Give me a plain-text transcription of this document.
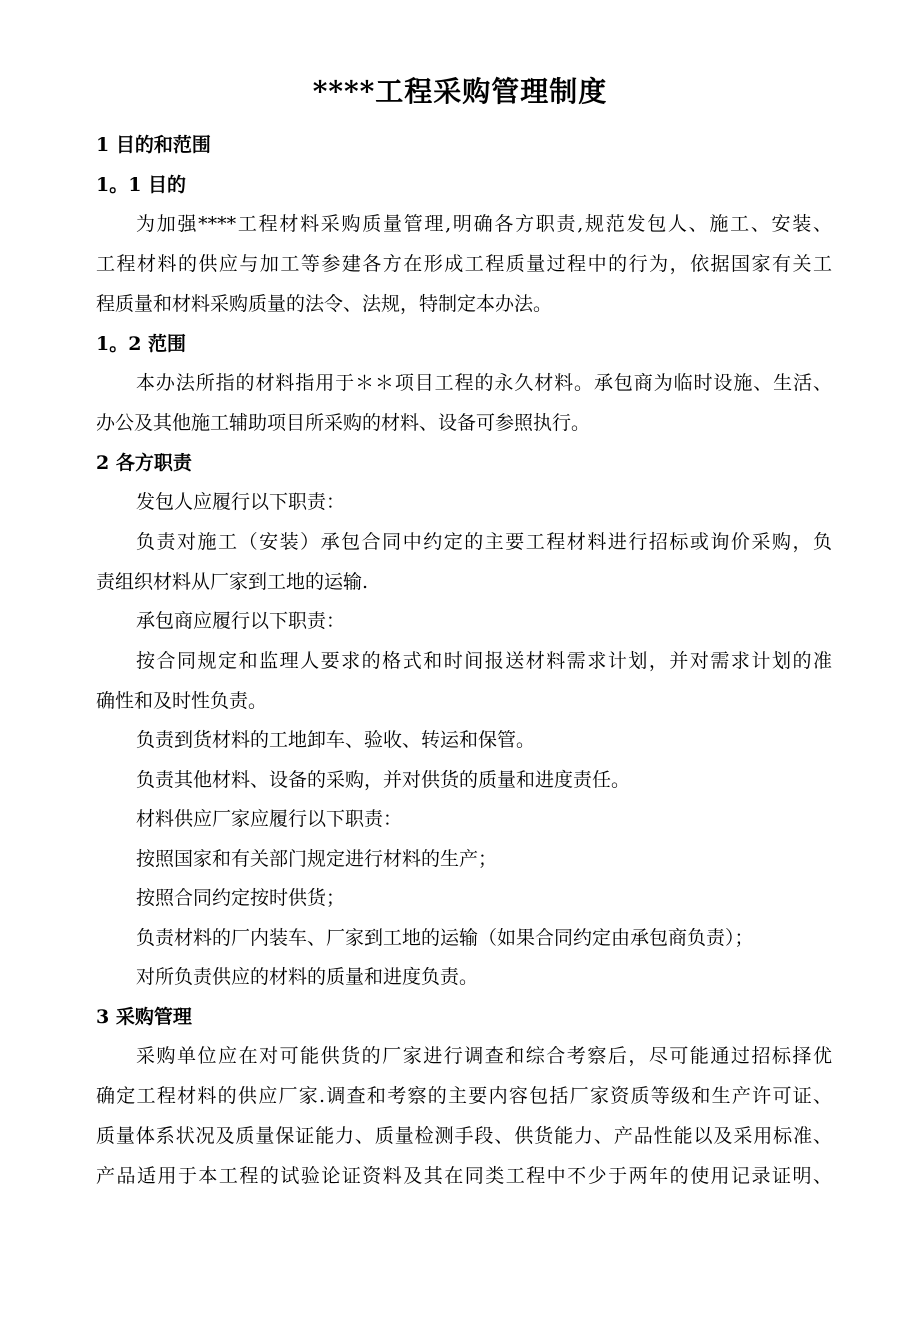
****工程采购管理制度
1 目的和范围
1。1 目的
为加强****工程材料采购质量管理,明确各方职责,规范发包人、施工、安装、
工程材料的供应与加工等参建各方在形成工程质量过程中的行为，依据国家有关工
程质量和材料采购质量的法令、法规，特制定本办法。
1。2 范围
本办法所指的材料指用于＊＊项目工程的永久材料。承包商为临时设施、生活、
办公及其他施工辅助项目所采购的材料、设备可参照执行。
2 各方职责
发包人应履行以下职责：
负责对施工（安装）承包合同中约定的主要工程材料进行招标或询价采购，负
责组织材料从厂家到工地的运输.
承包商应履行以下职责：
按合同规定和监理人要求的格式和时间报送材料需求计划，并对需求计划的准
确性和及时性负责。
负责到货材料的工地卸车、验收、转运和保管。
负责其他材料、设备的采购，并对供货的质量和进度责任。
材料供应厂家应履行以下职责：
按照国家和有关部门规定进行材料的生产；
按照合同约定按时供货；
负责材料的厂内装车、厂家到工地的运输（如果合同约定由承包商负责）；
对所负责供应的材料的质量和进度负责。
3 采购管理
采购单位应在对可能供货的厂家进行调查和综合考察后，尽可能通过招标择优
确定工程材料的供应厂家.调查和考察的主要内容包括厂家资质等级和生产许可证、
质量体系状况及质量保证能力、质量检测手段、供货能力、产品性能以及采用标准、
产品适用于本工程的试验论证资料及其在同类工程中不少于两年的使用记录证明、
